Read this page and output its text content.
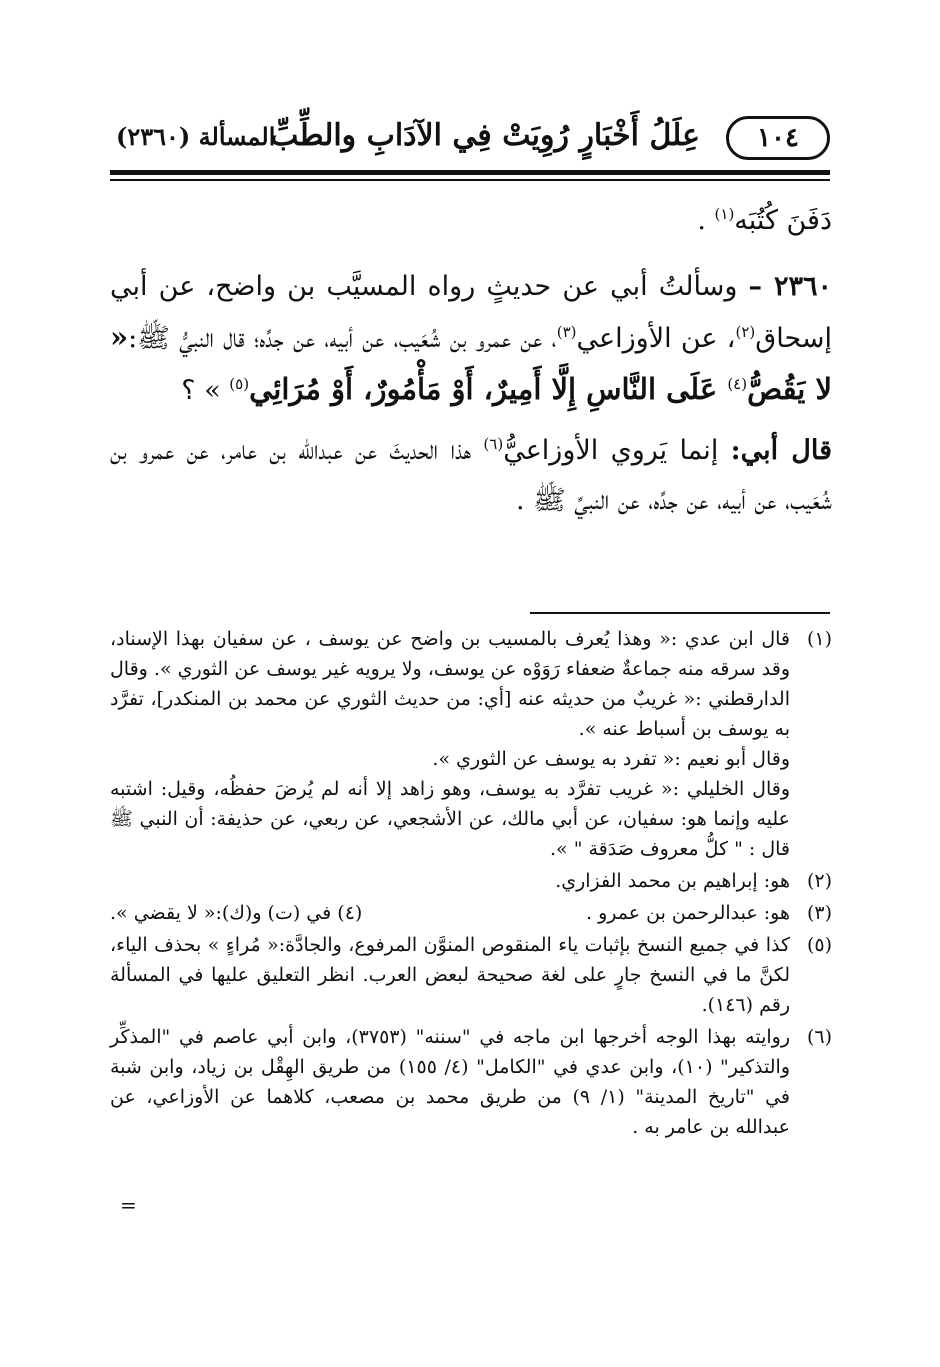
١٠٤
عِلَلُ أَخْبَارٍ رُوِيَتْ فِي الآدَابِ والطِّبِّ
المسألة (٢٣٦٠)

دَفَنَ كُتُبَه$^{(١)}$ .

٢٣٦٠ – وسألتُ أبي عن حديثٍ رواه المسيَّب بن واضح، عن أبي إسحاق$^{(٢)}$، عن الأوزاعي$^{(٣)}$، عن عمرو بن شُعَيب، عن أبيه، عن جدِّه؛ قال النبيُّ ﷺ:« لا يَقُصُّ$^{(٤)}$ عَلَى النَّاسِ إِلَّا أَمِيرٌ، أَوْ مَأْمُورٌ، أَوْ مُرَائِي$^{(٥)}$ » ؟

قال أبي: إنما يَروي الأوزاعيُّ$^{(٦)}$ هذا الحديثَ عن عبدالله بن عامر، عن عمرو بن شُعَيب، عن أبيه، عن جدِّه، عن النبيِّ ﷺ .

(١)

قال ابن عدي :« وهذا يُعرف بالمسيب بن واضح عن يوسف ، عن سفيان بهذا الإسناد، وقد سرقه منه جماعةٌ ضعفاء رَوَوْه عن يوسف، ولا يرويه غير يوسف عن الثوري ». وقال الدارقطني :« غريبٌ من حديثه عنه [أي: من حديث الثوري عن محمد بن المنكدر]، تفرَّد به يوسف بن أسباط عنه ».

وقال أبو نعيم :« تفرد به يوسف عن الثوري ».

وقال الخليلي :« غريب تفرَّد به يوسف، وهو زاهد إلا أنه لم يُرضَ حفظُه، وقيل: اشتبه عليه وإنما هو: سفيان، عن أبي مالك، عن الأشجعي، عن ربعي، عن حذيفة: أن النبي ﷺ قال : " كلُّ معروف صَدَقة " ».

(٢)
هو: إبراهيم بن محمد الفزاري.
(٣)
هو: عبدالرحمن بن عمرو .
(٤) في (ت) و(ك):« لا يقضي ».
(٥)
كذا في جميع النسخ بإثبات ياء المنقوص المنوَّن المرفوع، والجادَّة:« مُراءٍ » بحذف الياء، لكنَّ ما في النسخ جارٍ على لغة صحيحة لبعض العرب. انظر التعليق عليها في المسألة رقم (١٤٦).
(٦)
روايته بهذا الوجه أخرجها ابن ماجه في "سننه" (٣٧٥٣)، وابن أبي عاصم في "المذكِّر والتذكير" (١٠)، وابن عدي في "الكامل" (٤/ ١٥٥) من طريق الهِقْل بن زياد، وابن شبة في "تاريخ المدينة" (١/ ٩) من طريق محمد بن مصعب، كلاهما عن الأوزاعي، عن عبدالله بن عامر به .
=
